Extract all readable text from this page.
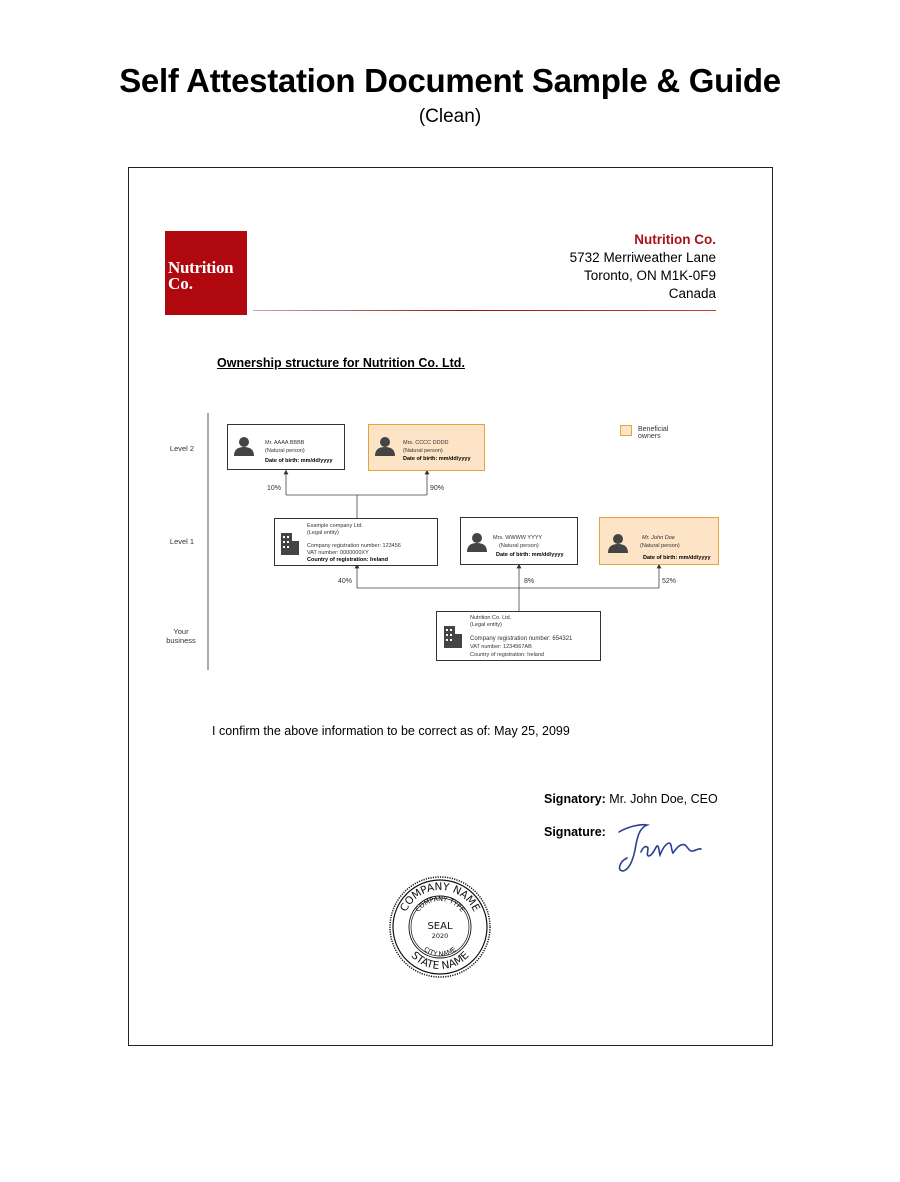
Self Attestation Document Sample & Guide
(Clean)
Nutrition
Co.
Nutrition Co.
5732 Merriweather Lane
Toronto, ON M1K-0F9
Canada
Ownership structure for Nutrition Co. Ltd.
Level 2
Level 1
Your business
Beneficial owners
Mr. AAAA BBBB
(Natural person)
Date of birth: mm/dd/yyyy
Mrs. CCCC DDDD
(Natural person)
Date of birth: mm/dd/yyyy
10%	90%
Example company Ltd.
(Legal entity)
Company registration number: 123456
VAT number: 0000000XY
Country of registration: Ireland
Mrs. WWWW YYYY
(Natural person)
Date of birth: mm/dd/yyyy
Mr. John Doe
(Natural person)
Date of birth: mm/dd/yyyy
40%	8%	52%
Nutrition Co. Ltd.
(Legal entity)
Company registration number: 654321
VAT number: 1234567AB
Country of registration: Ireland
I confirm the above information to be correct as of: May 25, 2099
Signatory: Mr. John Doe, CEO
Signature:
COMPANY NAME
STATE NAME
COMPANY TYPE
CITY NAME
SEAL
2020
